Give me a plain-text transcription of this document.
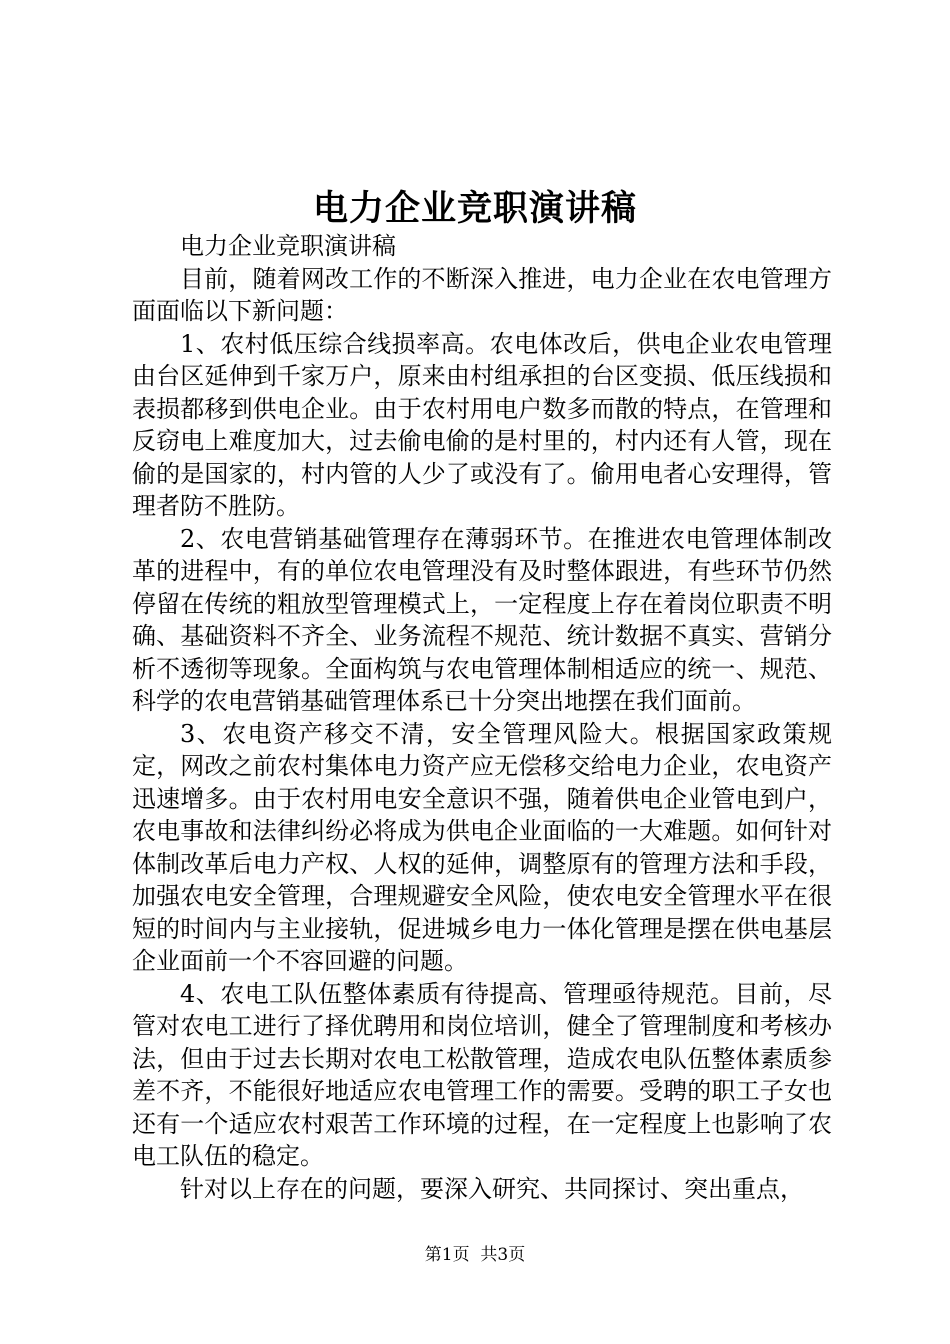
电力企业竞职演讲稿

电力企业竞职演讲稿

目前，随着网改工作的不断深入推进，电力企业在农电管理方面面临以下新问题：

1、农村低压综合线损率高。农电体改后，供电企业农电管理由台区延伸到千家万户，原来由村组承担的台区变损、低压线损和表损都移到供电企业。由于农村用电户数多而散的特点，在管理和反窃电上难度加大，过去偷电偷的是村里的，村内还有人管，现在偷的是国家的，村内管的人少了或没有了。偷用电者心安理得，管理者防不胜防。

2、农电营销基础管理存在薄弱环节。在推进农电管理体制改革的进程中，有的单位农电管理没有及时整体跟进，有些环节仍然停留在传统的粗放型管理模式上，一定程度上存在着岗位职责不明确、基础资料不齐全、业务流程不规范、统计数据不真实、营销分析不透彻等现象。全面构筑与农电管理体制相适应的统一、规范、科学的农电营销基础管理体系已十分突出地摆在我们面前。

3、农电资产移交不清，安全管理风险大。根据国家政策规定，网改之前农村集体电力资产应无偿移交给电力企业，农电资产迅速增多。由于农村用电安全意识不强，随着供电企业管电到户，农电事故和法律纠纷必将成为供电企业面临的一大难题。如何针对体制改革后电力产权、人权的延伸，调整原有的管理方法和手段，加强农电安全管理，合理规避安全风险，使农电安全管理水平在很短的时间内与主业接轨，促进城乡电力一体化管理是摆在供电基层企业面前一个不容回避的问题。

4、农电工队伍整体素质有待提高、管理亟待规范。目前，尽管对农电工进行了择优聘用和岗位培训，健全了管理制度和考核办法，但由于过去长期对农电工松散管理，造成农电队伍整体素质参差不齐，不能很好地适应农电管理工作的需要。受聘的职工子女也还有一个适应农村艰苦工作环境的过程，在一定程度上也影响了农电工队伍的稳定。

针对以上存在的问题，要深入研究、共同探讨、突出重点，

第1页  共3页
